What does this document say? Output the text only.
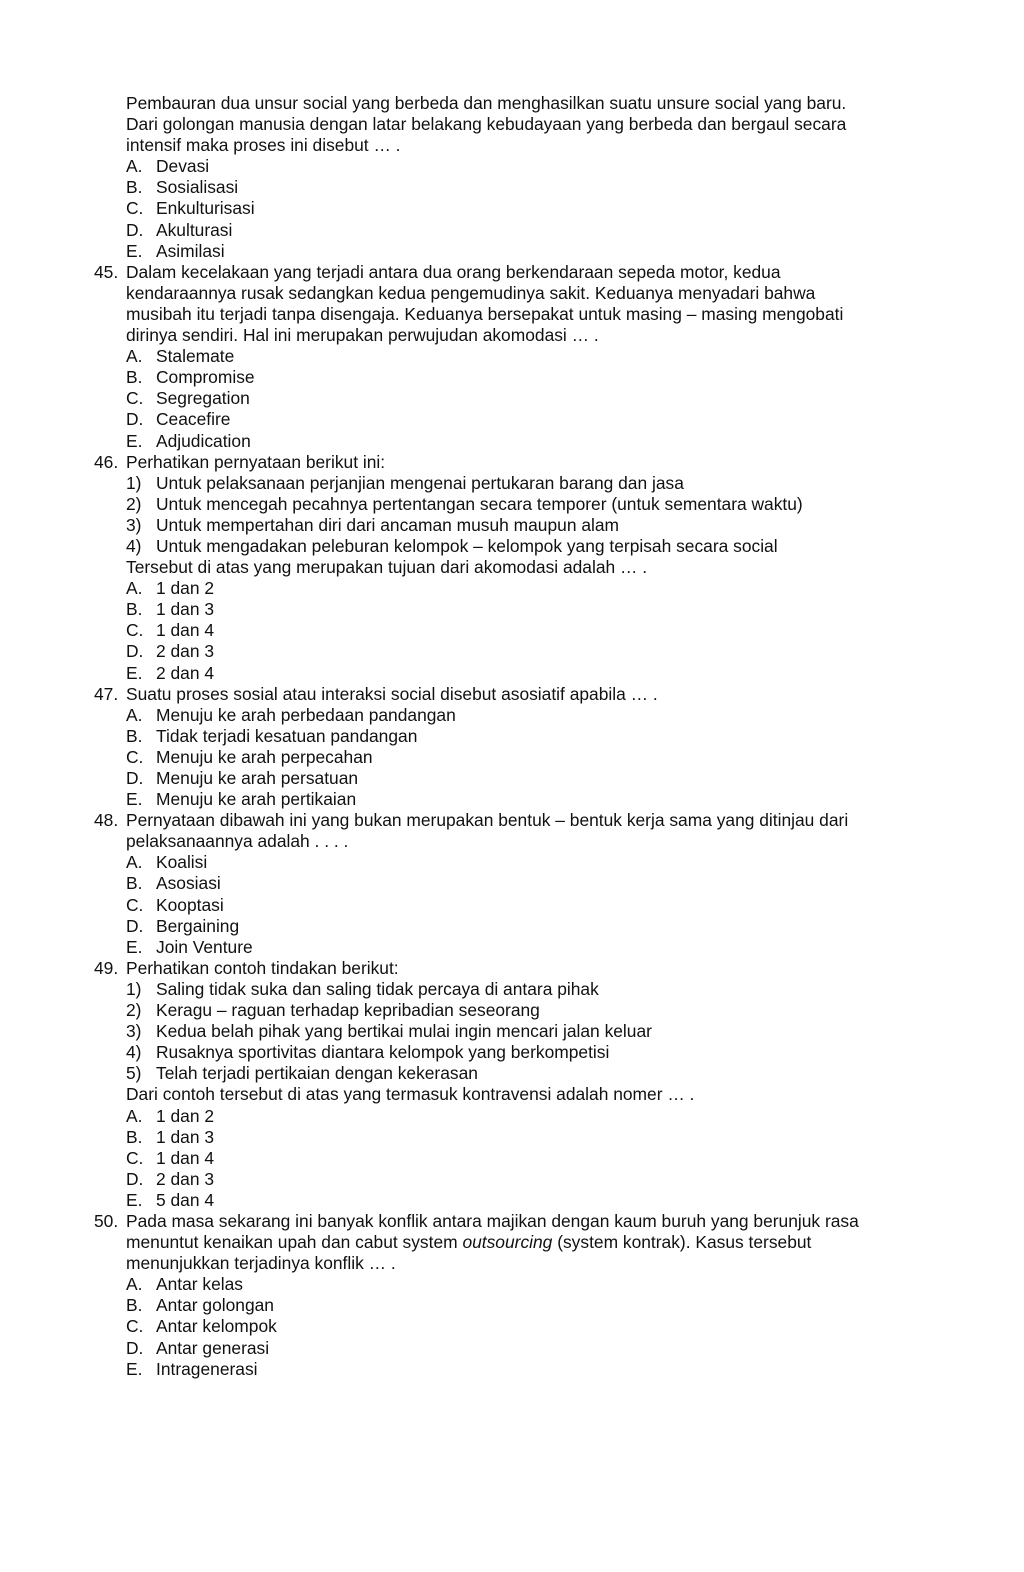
Pembauran dua unsur social yang berbeda dan menghasilkan suatu unsure social yang baru.
Dari golongan manusia dengan latar belakang kebudayaan yang berbeda dan bergaul secara
intensif maka proses ini disebut … .
A. Devasi
B. Sosialisasi
C. Enkulturisasi
D. Akulturasi
E. Asimilasi
45. Dalam kecelakaan yang terjadi antara dua orang berkendaraan sepeda motor, kedua
kendaraannya rusak sedangkan kedua pengemudinya sakit. Keduanya menyadari bahwa
musibah itu terjadi tanpa disengaja. Keduanya bersepakat untuk masing – masing mengobati
dirinya sendiri. Hal ini merupakan perwujudan akomodasi … .
A. Stalemate
B. Compromise
C. Segregation
D. Ceacefire
E. Adjudication
46. Perhatikan pernyataan berikut ini:
1) Untuk pelaksanaan perjanjian mengenai pertukaran barang dan jasa
2) Untuk mencegah pecahnya pertentangan secara temporer (untuk sementara waktu)
3) Untuk mempertahan diri dari ancaman musuh maupun alam
4) Untuk mengadakan peleburan kelompok – kelompok yang terpisah secara social
Tersebut di atas yang merupakan tujuan dari akomodasi adalah … .
A. 1 dan 2
B. 1 dan 3
C. 1 dan 4
D. 2 dan 3
E. 2 dan 4
47. Suatu proses sosial atau interaksi social disebut asosiatif apabila … .
A. Menuju ke arah perbedaan pandangan
B. Tidak terjadi kesatuan pandangan
C. Menuju ke arah perpecahan
D. Menuju ke arah persatuan
E. Menuju ke arah pertikaian
48. Pernyataan dibawah ini yang bukan merupakan bentuk – bentuk kerja sama yang ditinjau dari
pelaksanaannya adalah . . . .
A. Koalisi
B. Asosiasi
C. Kooptasi
D. Bergaining
E. Join Venture
49. Perhatikan contoh tindakan berikut:
1) Saling tidak suka dan saling tidak percaya di antara pihak
2) Keragu – raguan terhadap kepribadian seseorang
3) Kedua belah pihak yang bertikai mulai ingin mencari jalan keluar
4) Rusaknya sportivitas diantara kelompok yang berkompetisi
5) Telah terjadi pertikaian dengan kekerasan
Dari contoh tersebut di atas yang termasuk kontravensi adalah nomer … .
A. 1 dan 2
B. 1 dan 3
C. 1 dan 4
D. 2 dan 3
E. 5 dan 4
50. Pada masa sekarang ini banyak konflik antara majikan dengan kaum buruh yang berunjuk rasa
menuntut kenaikan upah dan cabut system outsourcing (system kontrak). Kasus tersebut
menunjukkan terjadinya konflik … .
A. Antar kelas
B. Antar golongan
C. Antar kelompok
D. Antar generasi
E. Intragenerasi
